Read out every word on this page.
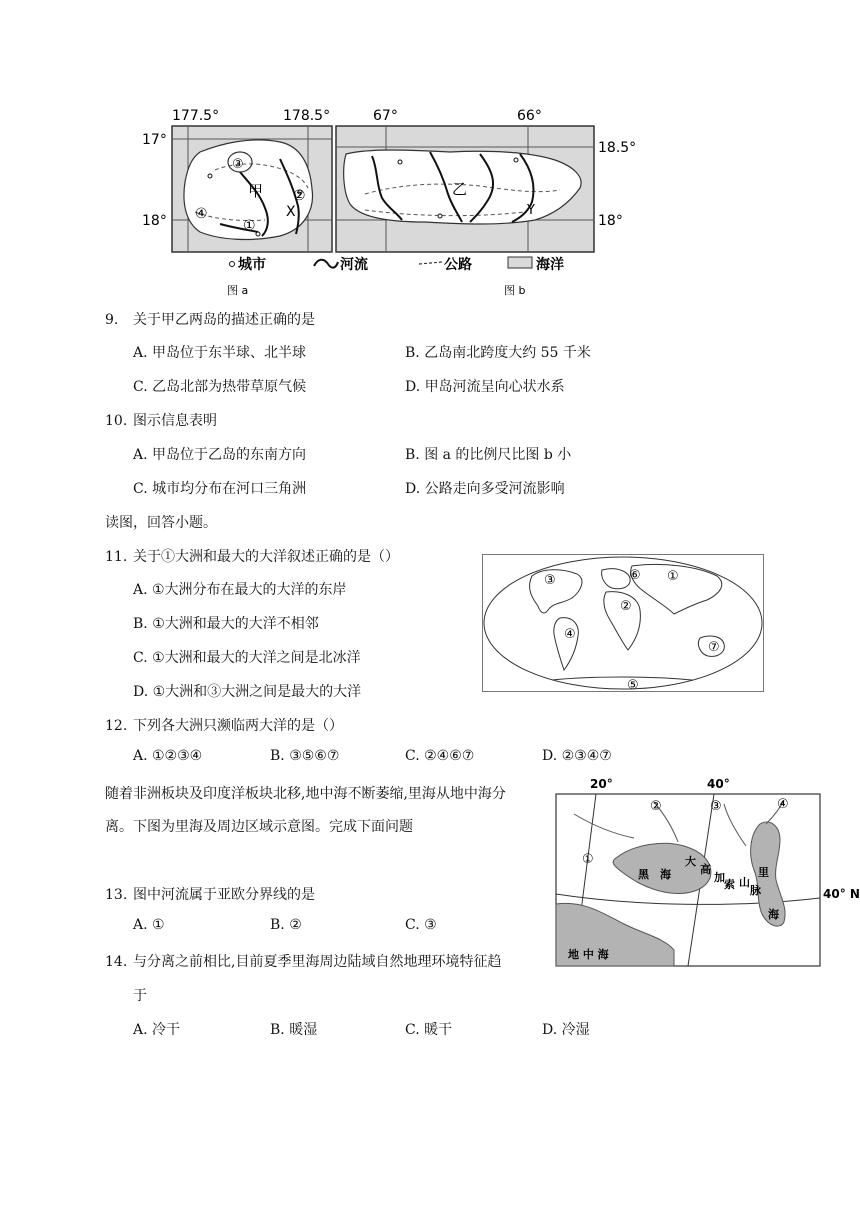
③
甲 ②
X
④
①
177.5°	178.5°
17°
18°
乙
Y
67°	66°
18.5°
18°
城市	河流	公路	海洋
图 a	图 b
9. 关于甲乙两岛的描述正确的是
A. 甲岛位于东半球、北半球	B. 乙岛南北跨度大约 55 千米
C. 乙岛北部为热带草原气候	D. 甲岛河流呈向心状水系
10. 图示信息表明
A. 甲岛位于乙岛的东南方向	B. 图 a 的比例尺比图 b 小
C. 城市均分布在河口三角洲	D. 公路走向多受河流影响
读图，回答小题。
11. 关于①大洲和最大的大洋叙述正确的是（）
A. ①大洲分布在最大的大洋的东岸
B. ①大洲和最大的大洋不相邻
C. ①大洲和最大的大洋之间是北冰洋
D. ①大洲和③大洲之间是最大的大洋
③	⑥ ①
②
④
⑦
⑤
12. 下列各大洲只濒临两大洋的是（）
A. ①②③④	B. ③⑤⑥⑦	C. ②④⑥⑦	D. ②③④⑦
随着非洲板块及印度洋板块北移,地中海不断萎缩,里海从地中海分
离。下图为里海及周边区域示意图。完成下面问题
20°	40°
40° N
①
②	③	④
黑 海
大
高
加
索 山
脉
里
海
地 中 海
13. 图中河流属于亚欧分界线的是
A. ①	B. ②	C. ③
14. 与分离之前相比,目前夏季里海周边陆域自然地理环境特征趋
于
A. 冷干	B. 暖湿	C. 暖干	D. 冷湿
